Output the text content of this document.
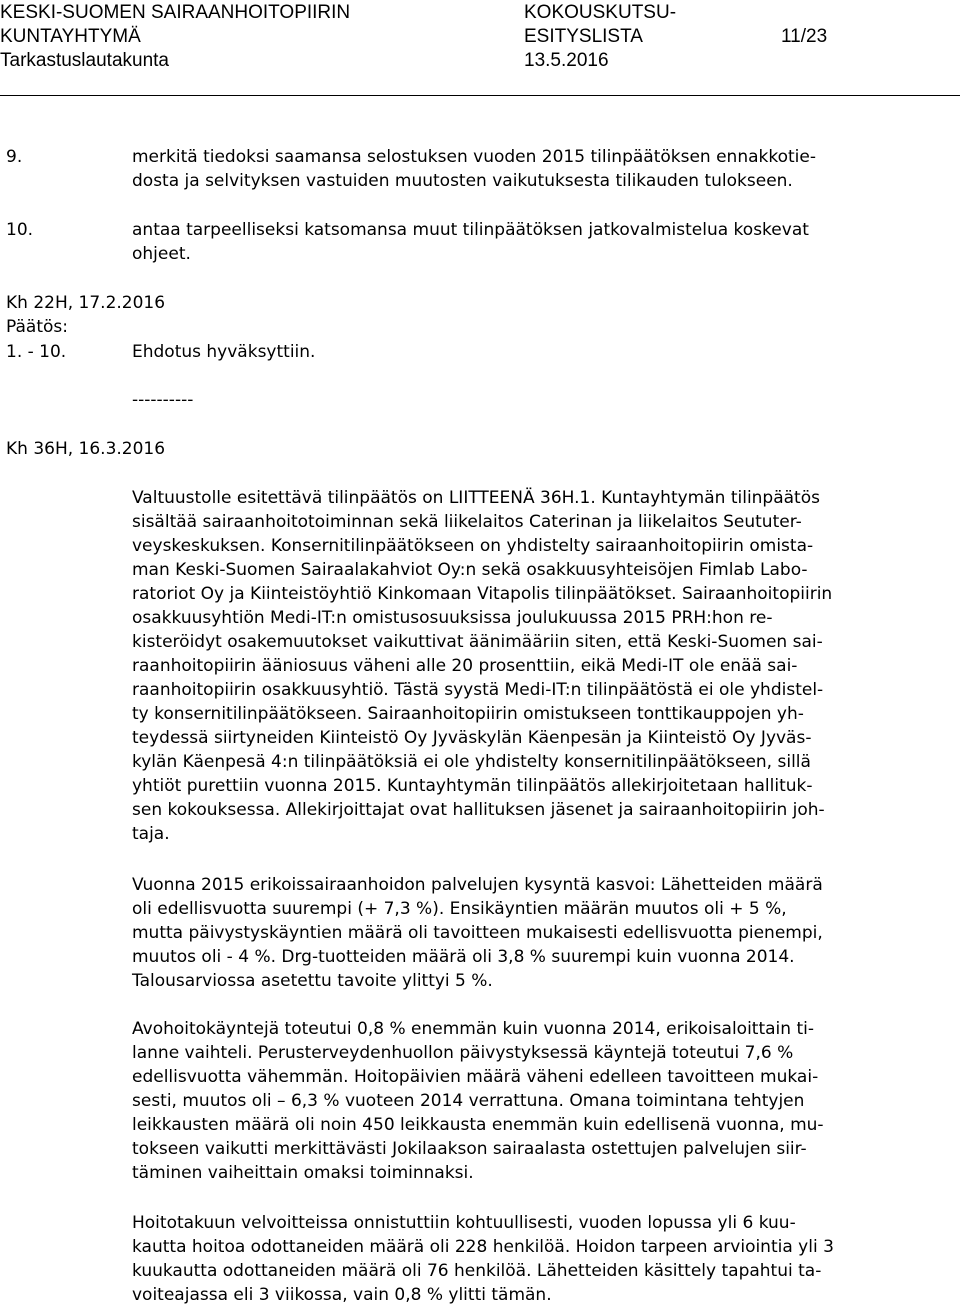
KESKI-SUOMEN SAIRAANHOITOPIIRIN
KUNTAYHTYMÄ
Tarkastuslautakunta
KOKOUSKUTSU-
ESITYSLISTA	11/23
13.5.2016
9.	merkitä tiedoksi saamansa selostuksen vuoden 2015 tilinpäätöksen ennakkotie-
dosta ja selvityksen vastuiden muutosten vaikutuksesta tilikauden tulokseen.
10.	antaa tarpeelliseksi katsomansa muut tilinpäätöksen jatkovalmistelua koskevat
ohjeet.
Kh 22H, 17.2.2016
Päätös:
1. - 10.	Ehdotus hyväksyttiin.
----------
Kh 36H, 16.3.2016
Valtuustolle esitettävä tilinpäätös on LIITTEENÄ 36H.1. Kuntayhtymän tilinpäätös
sisältää sairaanhoitotoiminnan sekä liikelaitos Caterinan ja liikelaitos Seututer-
veyskeskuksen. Konsernitilinpäätökseen on yhdistelty sairaanhoitopiirin omista-
man Keski-Suomen Sairaalakahviot Oy:n sekä osakkuusyhteisöjen Fimlab Labo-
ratoriot Oy ja Kiinteistöyhtiö Kinkomaan Vitapolis tilinpäätökset. Sairaanhoitopiirin
osakkuusyhtiön Medi-IT:n omistusosuuksissa joulukuussa 2015 PRH:hon re-
kisteröidyt osakemuutokset vaikuttivat äänimääriin siten, että Keski-Suomen sai-
raanhoitopiirin ääniosuus väheni alle 20 prosenttiin, eikä Medi-IT ole enää sai-
raanhoitopiirin osakkuusyhtiö. Tästä syystä Medi-IT:n tilinpäätöstä ei ole yhdistel-
ty konsernitilinpäätökseen. Sairaanhoitopiirin omistukseen tonttikauppojen yh-
teydessä siirtyneiden Kiinteistö Oy Jyväskylän Käenpesän ja Kiinteistö Oy Jyväs-
kylän Käenpesä 4:n tilinpäätöksiä ei ole yhdistelty konsernitilinpäätökseen, sillä
yhtiöt purettiin vuonna 2015. Kuntayhtymän tilinpäätös allekirjoitetaan hallituk-
sen kokouksessa. Allekirjoittajat ovat hallituksen jäsenet ja sairaanhoitopiirin joh-
taja.
Vuonna 2015 erikoissairaanhoidon palvelujen kysyntä kasvoi: Lähetteiden määrä
oli edellisvuotta suurempi (+ 7,3 %). Ensikäyntien määrän muutos oli + 5 %,
mutta päivystyskäyntien määrä oli tavoitteen mukaisesti edellisvuotta pienempi,
muutos oli - 4 %. Drg-tuotteiden määrä oli 3,8 % suurempi kuin vuonna 2014.
Talousarviossa asetettu tavoite ylittyi 5 %.
Avohoitokäyntejä toteutui 0,8 % enemmän kuin vuonna 2014, erikoisaloittain ti-
lanne vaihteli. Perusterveydenhuollon päivystyksessä käyntejä toteutui 7,6 %
edellisvuotta vähemmän. Hoitopäivien määrä väheni edelleen tavoitteen mukai-
sesti, muutos oli – 6,3 % vuoteen 2014 verrattuna. Omana toimintana tehtyjen
leikkausten määrä oli noin 450 leikkausta enemmän kuin edellisenä vuonna, mu-
tokseen vaikutti merkittävästi Jokilaakson sairaalasta ostettujen palvelujen siir-
täminen vaiheittain omaksi toiminnaksi.
Hoitotakuun velvoitteissa onnistuttiin kohtuullisesti, vuoden lopussa yli 6 kuu-
kautta hoitoa odottaneiden määrä oli 228 henkilöä. Hoidon tarpeen arviointia yli 3
kuukautta odottaneiden määrä oli 76 henkilöä. Lähetteiden käsittely tapahtui ta-
voiteajassa eli 3 viikossa, vain 0,8 % ylitti tämän.
